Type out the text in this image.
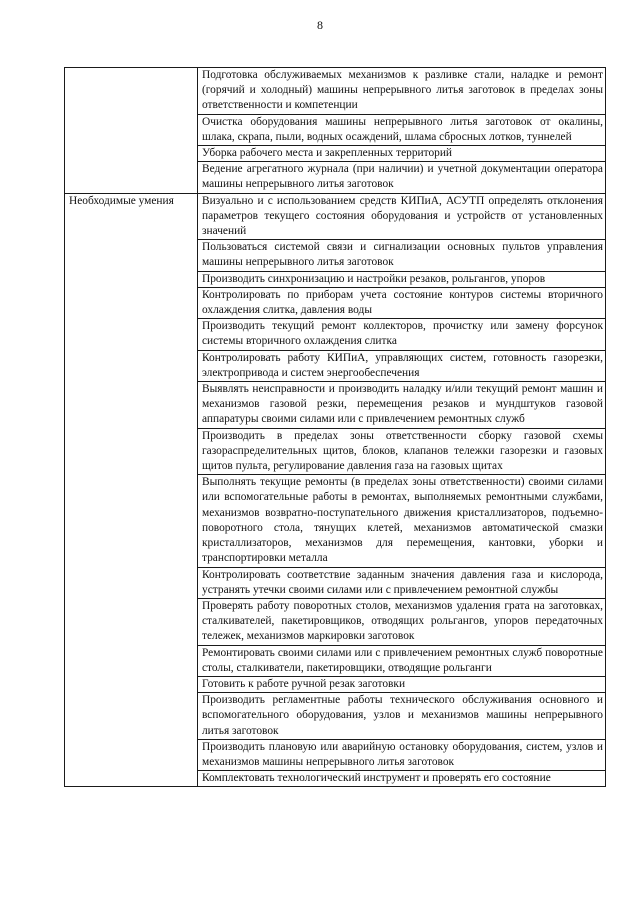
8
	Подготовка обслуживаемых механизмов к разливке стали, наладке и ремонт (горячий и холодный) машины непрерывного литья заготовок в пределах зоны ответственности и компетенции
	Очистка оборудования машины непрерывного литья заготовок от окалины, шлака, скрапа, пыли, водных осаждений, шлама сбросных лотков, туннелей
	Уборка рабочего места и закрепленных территорий
	Ведение агрегатного журнала (при наличии) и учетной документации оператора машины непрерывного литья заготовок
Необходимые умения	Визуально и с использованием средств КИПиА, АСУТП определять отклонения параметров текущего состояния оборудования и устройств от установленных значений
	Пользоваться системой связи и сигнализации основных пультов управления машины непрерывного литья заготовок
	Производить синхронизацию и настройки резаков, рольгангов, упоров
	Контролировать по приборам учета состояние контуров системы вторичного охлаждения слитка, давления воды
	Производить текущий ремонт коллекторов, прочистку или замену форсунок системы вторичного охлаждения слитка
	Контролировать работу КИПиА, управляющих систем, готовность газорезки, электропривода и систем энергообеспечения
	Выявлять неисправности и производить наладку и/или текущий ремонт машин и механизмов газовой резки, перемещения резаков и мундштуков газовой аппаратуры своими силами или с привлечением ремонтных служб
	Производить в пределах зоны ответственности сборку газовой схемы газораспределительных щитов, блоков, клапанов тележки газорезки и газовых щитов пульта, регулирование давления газа на газовых щитах
	Выполнять текущие ремонты (в пределах зоны ответственности) своими силами или вспомогательные работы в ремонтах, выполняемых ремонтными службами, механизмов возвратно-поступательного движения кристаллизаторов, подъемно-поворотного стола, тянущих клетей, механизмов автоматической смазки кристаллизаторов, механизмов для перемещения, кантовки, уборки и транспортировки металла
	Контролировать соответствие заданным значения давления газа и кислорода, устранять утечки своими силами или с привлечением ремонтной службы
	Проверять работу поворотных столов, механизмов удаления грата на заготовках, сталкивателей, пакетировщиков, отводящих рольгангов, упоров передаточных тележек, механизмов маркировки заготовок
	Ремонтировать своими силами или с привлечением ремонтных служб поворотные столы, сталкиватели, пакетировщики, отводящие рольганги
	Готовить к работе ручной резак заготовки
	Производить регламентные работы технического обслуживания основного и вспомогательного оборудования, узлов и механизмов машины непрерывного литья заготовок
	Производить плановую или аварийную остановку оборудования, систем, узлов и механизмов машины непрерывного литья заготовок
	Комплектовать технологический инструмент и проверять его состояние
